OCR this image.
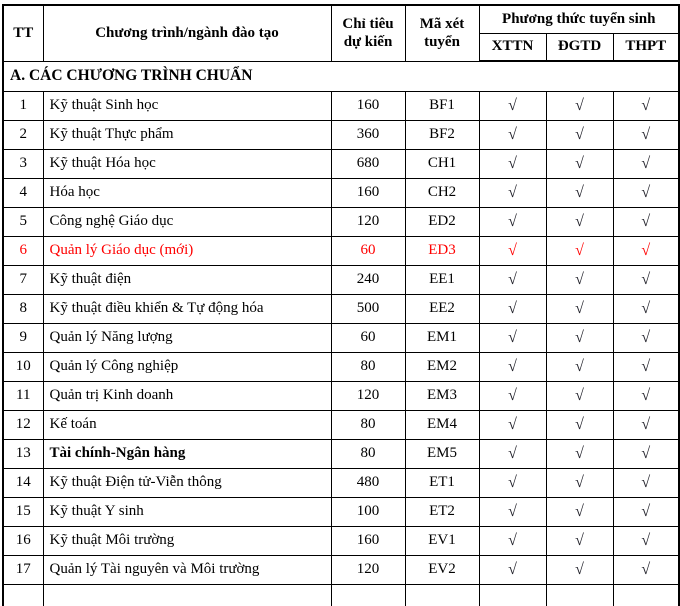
TT	Chương trình/ngành đào tạo	Chỉ tiêu dự kiến	Mã xét tuyển	Phương thức tuyển sinh		
				XTTN	ĐGTD	THPT
A. CÁC CHƯƠNG TRÌNH CHUẨN						
1	Kỹ thuật Sinh học	160	BF1	√	√	√
2	Kỹ thuật Thực phẩm	360	BF2	√	√	√
3	Kỹ thuật Hóa học	680	CH1	√	√	√
4	Hóa học	160	CH2	√	√	√
5	Công nghệ Giáo dục	120	ED2	√	√	√
6	Quản lý Giáo dục (mới)	60	ED3	√	√	√
7	Kỹ thuật điện	240	EE1	√	√	√
8	Kỹ thuật điều khiển & Tự động hóa	500	EE2	√	√	√
9	Quản lý Năng lượng	60	EM1	√	√	√
10	Quản lý Công nghiệp	80	EM2	√	√	√
11	Quản trị Kinh doanh	120	EM3	√	√	√
12	Kế toán	80	EM4	√	√	√
13	Tài chính-Ngân hàng	80	EM5	√	√	√
14	Kỹ thuật Điện tử-Viễn thông	480	ET1	√	√	√
15	Kỹ thuật Y sinh	100	ET2	√	√	√
16	Kỹ thuật Môi trường	160	EV1	√	√	√
17	Quản lý Tài nguyên và Môi trường	120	EV2	√	√	√
